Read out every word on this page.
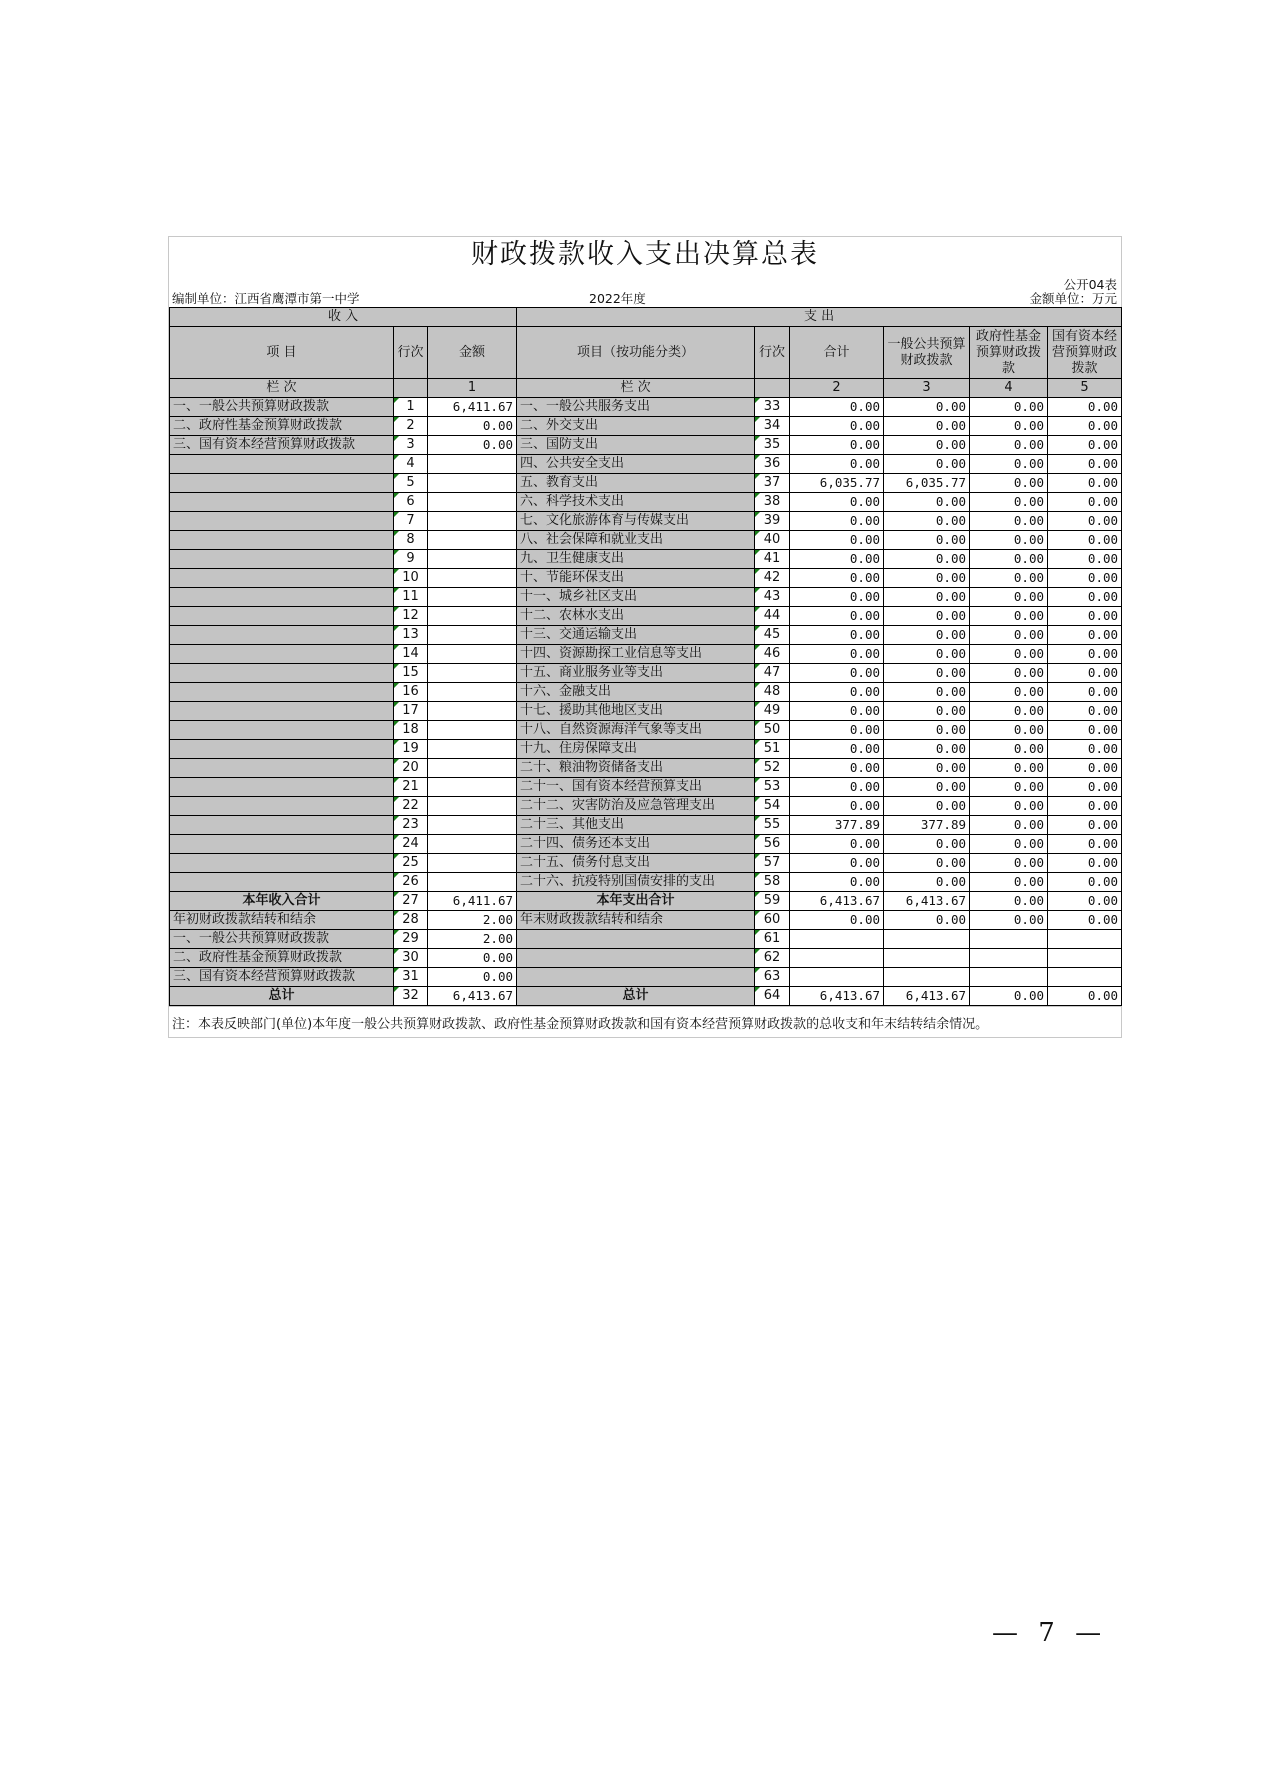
财政拨款收入支出决算总表
公开04表
编制单位：江西省鹰潭市第一中学	2022年度	金额单位：万元
收 入			支 出					
项 目	行次	金额	项目（按功能分类）	行次	合计	一般公共预算财政拨款	政府性基金预算财政拨款	国有资本经营预算财政拨款
栏 次		1	栏 次		2	3	4	5
一、一般公共预算财政拨款	1	6,411.67	一、一般公共服务支出	33	0.00	0.00	0.00	0.00
二、政府性基金预算财政拨款	2	0.00	二、外交支出	34	0.00	0.00	0.00	0.00
三、国有资本经营预算财政拨款	3	0.00	三、国防支出	35	0.00	0.00	0.00	0.00
	4		四、公共安全支出	36	0.00	0.00	0.00	0.00
	5		五、教育支出	37	6,035.77	6,035.77	0.00	0.00
	6		六、科学技术支出	38	0.00	0.00	0.00	0.00
	7		七、文化旅游体育与传媒支出	39	0.00	0.00	0.00	0.00
	8		八、社会保障和就业支出	40	0.00	0.00	0.00	0.00
	9		九、卫生健康支出	41	0.00	0.00	0.00	0.00
	10		十、节能环保支出	42	0.00	0.00	0.00	0.00
	11		十一、城乡社区支出	43	0.00	0.00	0.00	0.00
	12		十二、农林水支出	44	0.00	0.00	0.00	0.00
	13		十三、交通运输支出	45	0.00	0.00	0.00	0.00
	14		十四、资源勘探工业信息等支出	46	0.00	0.00	0.00	0.00
	15		十五、商业服务业等支出	47	0.00	0.00	0.00	0.00
	16		十六、金融支出	48	0.00	0.00	0.00	0.00
	17		十七、援助其他地区支出	49	0.00	0.00	0.00	0.00
	18		十八、自然资源海洋气象等支出	50	0.00	0.00	0.00	0.00
	19		十九、住房保障支出	51	0.00	0.00	0.00	0.00
	20		二十、粮油物资储备支出	52	0.00	0.00	0.00	0.00
	21		二十一、国有资本经营预算支出	53	0.00	0.00	0.00	0.00
	22		二十二、灾害防治及应急管理支出	54	0.00	0.00	0.00	0.00
	23		二十三、其他支出	55	377.89	377.89	0.00	0.00
	24		二十四、债务还本支出	56	0.00	0.00	0.00	0.00
	25		二十五、债务付息支出	57	0.00	0.00	0.00	0.00
	26		二十六、抗疫特别国债安排的支出	58	0.00	0.00	0.00	0.00
本年收入合计	27	6,411.67	本年支出合计	59	6,413.67	6,413.67	0.00	0.00
年初财政拨款结转和结余	28	2.00	年末财政拨款结转和结余	60	0.00	0.00	0.00	0.00
一、一般公共预算财政拨款	29	2.00		61				
二、政府性基金预算财政拨款	30	0.00		62				
三、国有资本经营预算财政拨款	31	0.00		63				
总计	32	6,413.67	总计	64	6,413.67	6,413.67	0.00	0.00
注：本表反映部门(单位)本年度一般公共预算财政拨款、政府性基金预算财政拨款和国有资本经营预算财政拨款的总收支和年末结转结余情况。
— 7 —
